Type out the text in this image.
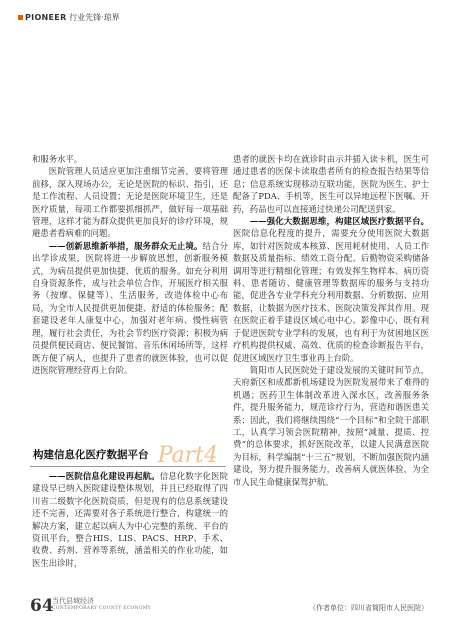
PIONEER 行业先锋·琼界

和服务水平。

医院管理人员适应更加注重细节完善，要将管理前移，深入现场办公，无论是医院的标识、指引，还是工作流程、人员设置；无论是医院环境卫生，还是医疗质量，每项工作都要抓细抓严，做好每一项基础管理，这样才能为群众提供更加良好的诊疗环境，规避患者看病难的问题。

——创新思维新举措，服务群众无止境。结合分出学诊成果，医院将进一步解放思想，创新服务模式，为病员提供更加快捷、优质的服务。如充分利用自身资源条件，成与社会单位合作，开展医疗相关服务（按摩、保健等）、生活服务，改造体检中心布局，为全市人民提供更加便捷、舒适的体检服务；配套建设老年人康复中心，加强对老年病、慢性病管理，履行社会责任，为社会节约医疗资源；积极为病员提供便民商店、便民餐馆、音乐休闲场所等，这样既方便了病人，也提升了患者的就医体验，也可以促进医院管理经营再上台阶。

构建信息化医疗数据平台 Part4

——医院信息化建设再起航。信息化数字化医院建设早已纳入医院建设整体规划，并且已经取得了四川省二级数字化医院资质，但是现有的信息系统建设还不完善，还需要对各子系统进行整合，构建统一的解决方案，建立起以病人为中心完整的系统、平台的资讯平台，整合HIS、LIS、PACS、HRP、手术、收费、药剂、营养等系统，涵盖相关的作业功能，如医生出诊时，

患者的就医卡均在就诊时由示并插入读卡机，医生可通过患者的医保卡读取患者所有的检查报告结果等信息；信息系统实现移动互联功能，医院为医生、护士配备了PDA、手机等，医生可以异地远程下医嘱、开药，药品也可以直接通过快递公司配送到家。

——强化大数据思维，构建区域医疗数据平台。医院信息化程度的提升，需要充分使用医院大数据库，如针对医院成本核算、医用耗材使用、人员工作数据及质量指标、绩效工资分配、后勤物资采购储备调用等进行精细化管理；有效发挥生物样本、病历资料、患者随访、健康管理等数据库的服务与支持功能，促进各专业学科充分利用数据、分析数据、应用数据，让数据为医疗技术、医院决策发挥其作用。现在医院正着手建设区域心电中心、影像中心，既有利于促进医院专业学科的发展，也有利于为贫困地区医疗机构提供权威、高效、优质的检查诊断报告平台，促进区域医疗卫生事业再上台阶。

简阳市人民医院处于建设发展的关键时间节点，天府新区和成都新机场建设为医院发展带来了难得的机遇；医药卫生体制改革进入深水区，改善服务条件，提升服务能力，规范诊疗行为，营造和谐医患关系；因此，我们将继续围绕“一个目标”和全院干部职工，认真学习领会医院精神，按照“减量、提质、控费”的总体要求，抓好医院改革，以建人民满意医院为目标，科学编制“十三五”规划，不断加强医院内涵建设，努力提升服务能力，改善病人就医体验，为全市人民生命健康保驾护航。

（作者单位：四川省简阳市人民医院）
64
当代县域经济
CONTEMPORARY COUNTY ECONOMY
